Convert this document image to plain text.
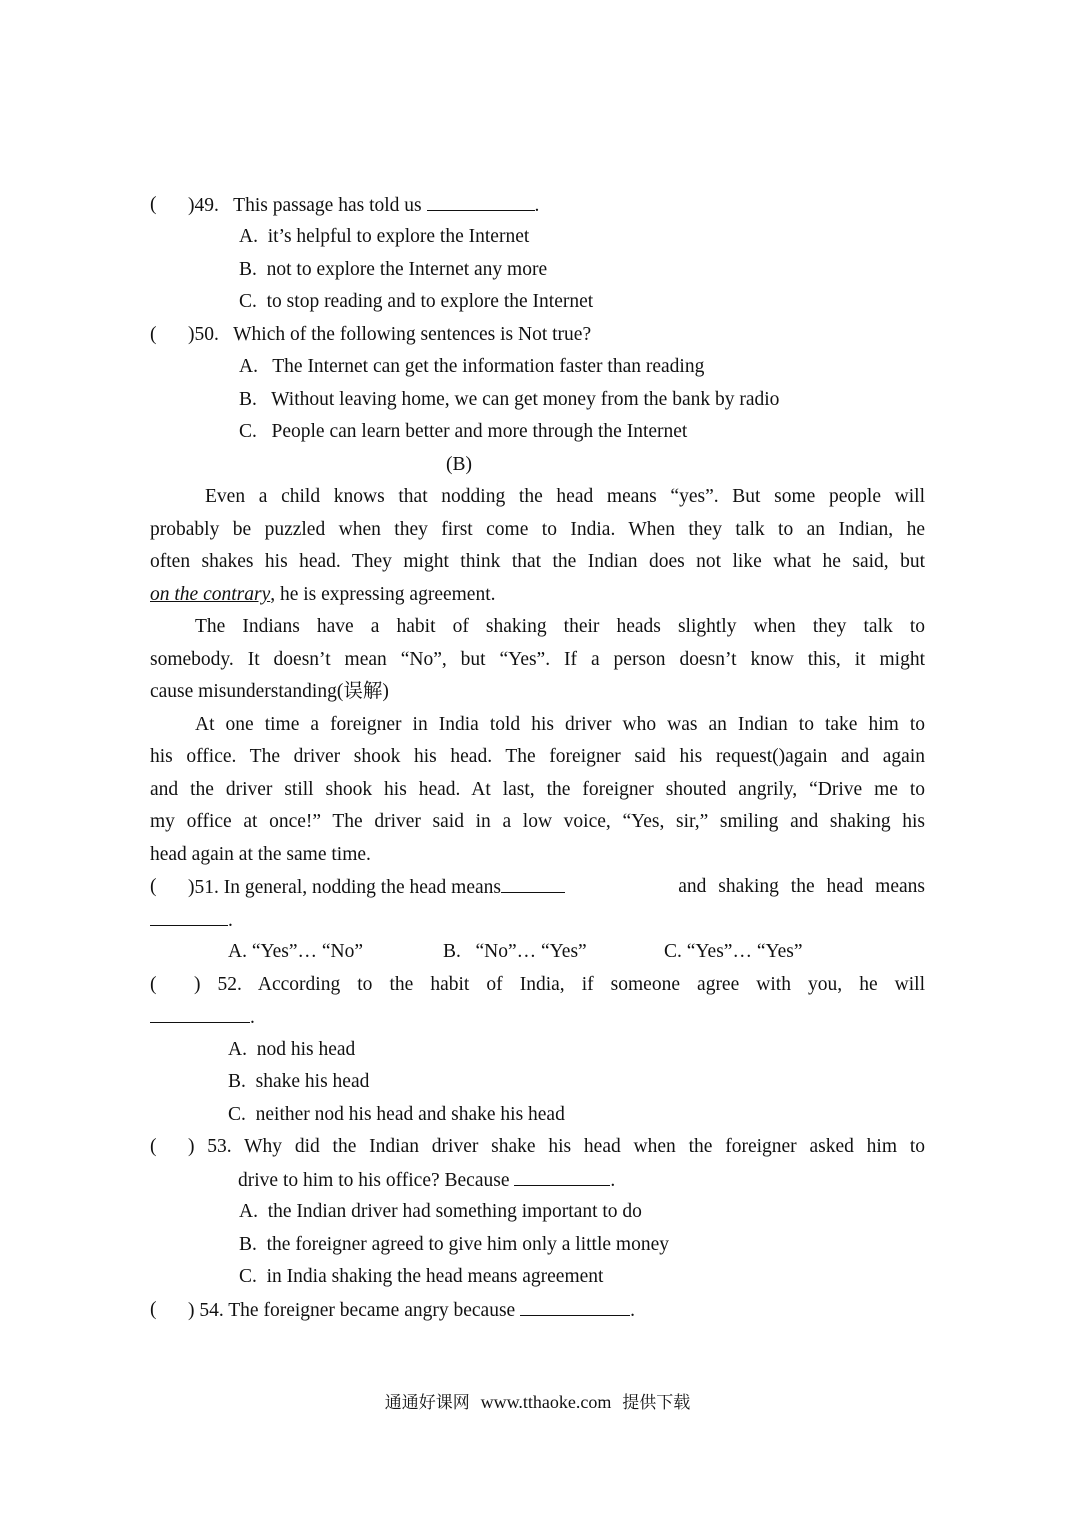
( )49. This passage has told us	.
A. it’s helpful to explore the Internet
B. not to explore the Internet any more
C. to stop reading and to explore the Internet
( )50. Which of the following sentences is Not true?
A. The Internet can get the information faster than reading
B. Without leaving home, we can get money from the bank by radio
C. People can learn better and more through the Internet
(B)
Even a child knows that nodding the head means “yes”. But some people will
probably be puzzled when they first come to India. When they talk to an Indian, he
often shakes his head. They might think that the Indian does not like what he said, but
on the contrary, he is expressing agreement.
The Indians have a habit of shaking their heads slightly when they talk to
somebody. It doesn’t mean “No”, but “Yes”. If a person doesn’t know this, it might
cause misunderstanding(误解)
At one time a foreigner in India told his driver who was an Indian to take him to
his office. The driver shook his head. The foreigner said his request()again and again
and the driver still shook his head. At last, the foreigner shouted angrily, “Drive me to
my office at once!” The driver said in a low voice, “Yes, sir,” smiling and shaking his
head again at the same time.
( )51. In general, nodding the head means	and shaking the head means
.
A. “Yes”… “No”	B.   “No”… “Yes”	C. “Yes”… “Yes”
( ) 52. According to the habit of India, if someone agree with you, he will
.
A. nod his head
B. shake his head
C. neither nod his head and shake his head
( ) 53. Why did the Indian driver shake his head when the foreigner asked him to
drive to him to his office? Because	.
A. the Indian driver had something important to do
B. the foreigner agreed to give him only a little money
C. in India shaking the head means agreement
( ) 54. The foreigner became angry because	.
通通好课网 www.tthaoke.com 提供下载
